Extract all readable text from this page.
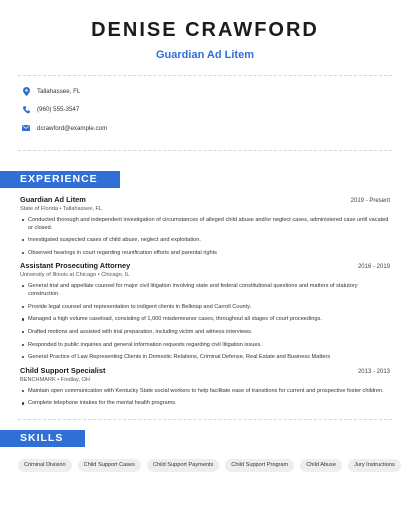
DENISE CRAWFORD
Guardian Ad Litem
Tallahassee, FL
(960) 555-3547
dcrawford@example.com
EXPERIENCE
Guardian Ad Litem	2019 - Present
State of Florida • Tallahassee, FL
Conducted thorough and independent investigation of circumstances of alleged child abuse and/or neglect cases, administered case until vacated or closed.
Investigated suspected cases of child abuse, neglect and exploitation.
Observed hearings in court regarding reunification efforts and parental rights
Assistant Prosecuting Attorney	2016 - 2019
University of Illinois at Chicago • Chicago, IL
General trial and appellate counsel for major civil litigation involving state and federal constitutional questions and matters of statutory construction.
Provide legal counsel and representation to indigent clients in Belknap and Carroll County.
Managed a high volume caseload, consisting of 1,000 misdemeanor cases, throughout all stages of court proceedings.
Drafted motions and assisted with trial preparation, including victim and witness interviews.
Responded to public inquiries and general information requests regarding civil litigation issues.
General Practice of Law Representing Clients in Domestic Relations, Criminal Defense, Real Estate and Business Matters
Child Support Specialist	2013 - 2013
BENCHMARK • Findlay, OH
Maintain open communication with Kentucky State social workers to help facilitate ease of transitions for current and prospective foster children.
Complete telephone intakes for the mental health programs.
SKILLS
Criminal Division	Child Support Cases	Child Support Payments	Child Support Program	Child Abuse	Jury Instructions
